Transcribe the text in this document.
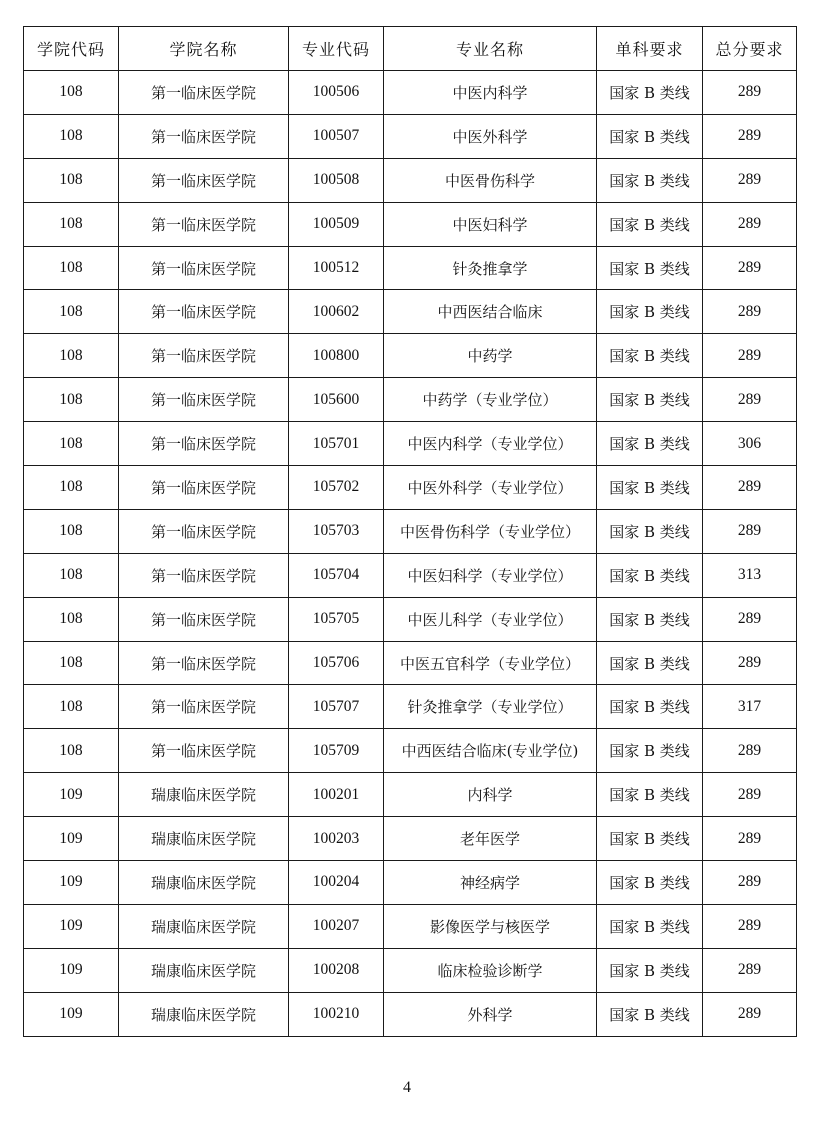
学院代码	学院名称	专业代码	专业名称	单科要求	总分要求
108	第一临床医学院	100506	中医内科学	国家 B 类线	289
108	第一临床医学院	100507	中医外科学	国家 B 类线	289
108	第一临床医学院	100508	中医骨伤科学	国家 B 类线	289
108	第一临床医学院	100509	中医妇科学	国家 B 类线	289
108	第一临床医学院	100512	针灸推拿学	国家 B 类线	289
108	第一临床医学院	100602	中西医结合临床	国家 B 类线	289
108	第一临床医学院	100800	中药学	国家 B 类线	289
108	第一临床医学院	105600	中药学（专业学位）	国家 B 类线	289
108	第一临床医学院	105701	中医内科学（专业学位）	国家 B 类线	306
108	第一临床医学院	105702	中医外科学（专业学位）	国家 B 类线	289
108	第一临床医学院	105703	中医骨伤科学（专业学位）	国家 B 类线	289
108	第一临床医学院	105704	中医妇科学（专业学位）	国家 B 类线	313
108	第一临床医学院	105705	中医儿科学（专业学位）	国家 B 类线	289
108	第一临床医学院	105706	中医五官科学（专业学位）	国家 B 类线	289
108	第一临床医学院	105707	针灸推拿学（专业学位）	国家 B 类线	317
108	第一临床医学院	105709	中西医结合临床(专业学位)	国家 B 类线	289
109	瑞康临床医学院	100201	内科学	国家 B 类线	289
109	瑞康临床医学院	100203	老年医学	国家 B 类线	289
109	瑞康临床医学院	100204	神经病学	国家 B 类线	289
109	瑞康临床医学院	100207	影像医学与核医学	国家 B 类线	289
109	瑞康临床医学院	100208	临床检验诊断学	国家 B 类线	289
109	瑞康临床医学院	100210	外科学	国家 B 类线	289
4
